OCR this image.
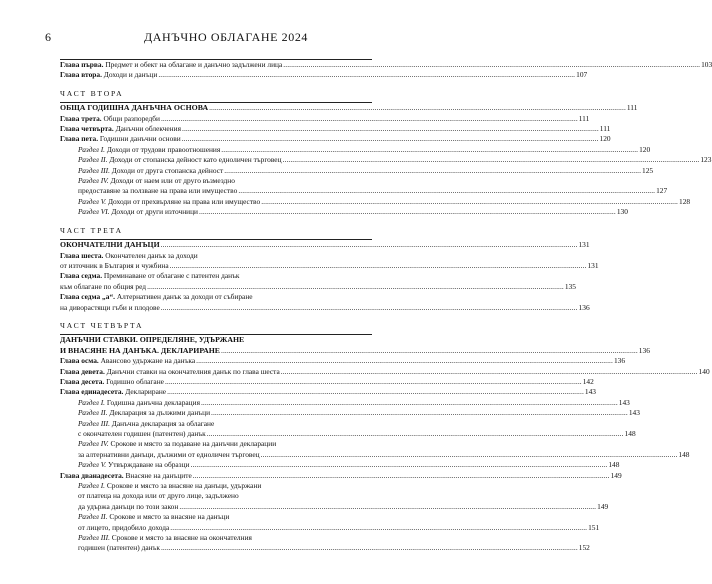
6	ДАНЪЧНО ОБЛАГАНЕ 2024
Глава първа. Предмет и обект на облагане и данъчно задължени лица .....	103
Глава втора. Доходи и данъци .....	107
ЧАСТ ВТОРА
ОБЩА ГОДИШНА ДАНЪЧНА ОСНОВА .....	111
Глава трета. Общи разпоредби .....	111
Глава четвърта. Данъчни облекчения .....	111
Глава пета. Годишни данъчни основи .....	120
Раздел I. Доходи от трудови правоотношения .....	120
Раздел II. Доходи от стопанска дейност като едноличен търговец .....	123
Раздел III. Доходи от друга стопанска дейност .....	125
Раздел IV. Доходи от наем или от друго възмездно
предоставяне за ползване на права или имущество .....	127
Раздел V. Доходи от прехвърляне на права или имущество .....	128
Раздел VI. Доходи от други източници .....	130
ЧАСТ ТРЕТА
ОКОНЧАТЕЛНИ ДАНЪЦИ .....	131
Глава шеста. Окончателен данък за доходи
от източник в България и чужбина .....	131
Глава седма. Преминаване от облагане с патентен данък
към облагане по общия ред .....	135
Глава седма „а“. Алтернативен данък за доходи от събиране
на диворастящи гъби и плодове .....	136
ЧАСТ ЧЕТВЪРТА
ДАНЪЧНИ СТАВКИ. ОПРЕДЕЛЯНЕ, УДЪРЖАНЕ
И ВНАСЯНЕ НА ДАНЪКА. ДЕКЛАРИРАНЕ .....	136
Глава осма. Авансово удържане на данъка .....	136
Глава девета. Данъчни ставки на окончателния данък по глава шеста .....	140
Глава десета. Годишно облагане .....	142
Глава единадесета. Деклариране .....	143
Раздел I. Годишна данъчна декларация .....	143
Раздел II. Декларация за дължими данъци .....	143
Раздел III. Данъчна декларация за облагане
с окончателен годишен (патентен) данък .....	148
Раздел IV. Срокове и място за подаване на данъчни декларации
за алтернативни данъци, дължими от едноличен търговец .....	148
Раздел V. Утвърждаване на образци .....	148
Глава дванадесета. Внасяне на данъците .....	149
Раздел I. Срокове и място за внасяне на данъци, удържани
от платеца на дохода или от друго лице, задължено
да удържа данъци по този закон .....	149
Раздел II. Срокове и място за внасяне на данъци
от лицето, придобило дохода .....	151
Раздел III. Срокове и място за внасяне на окончателния
годишен (патентен) данък .....	152
